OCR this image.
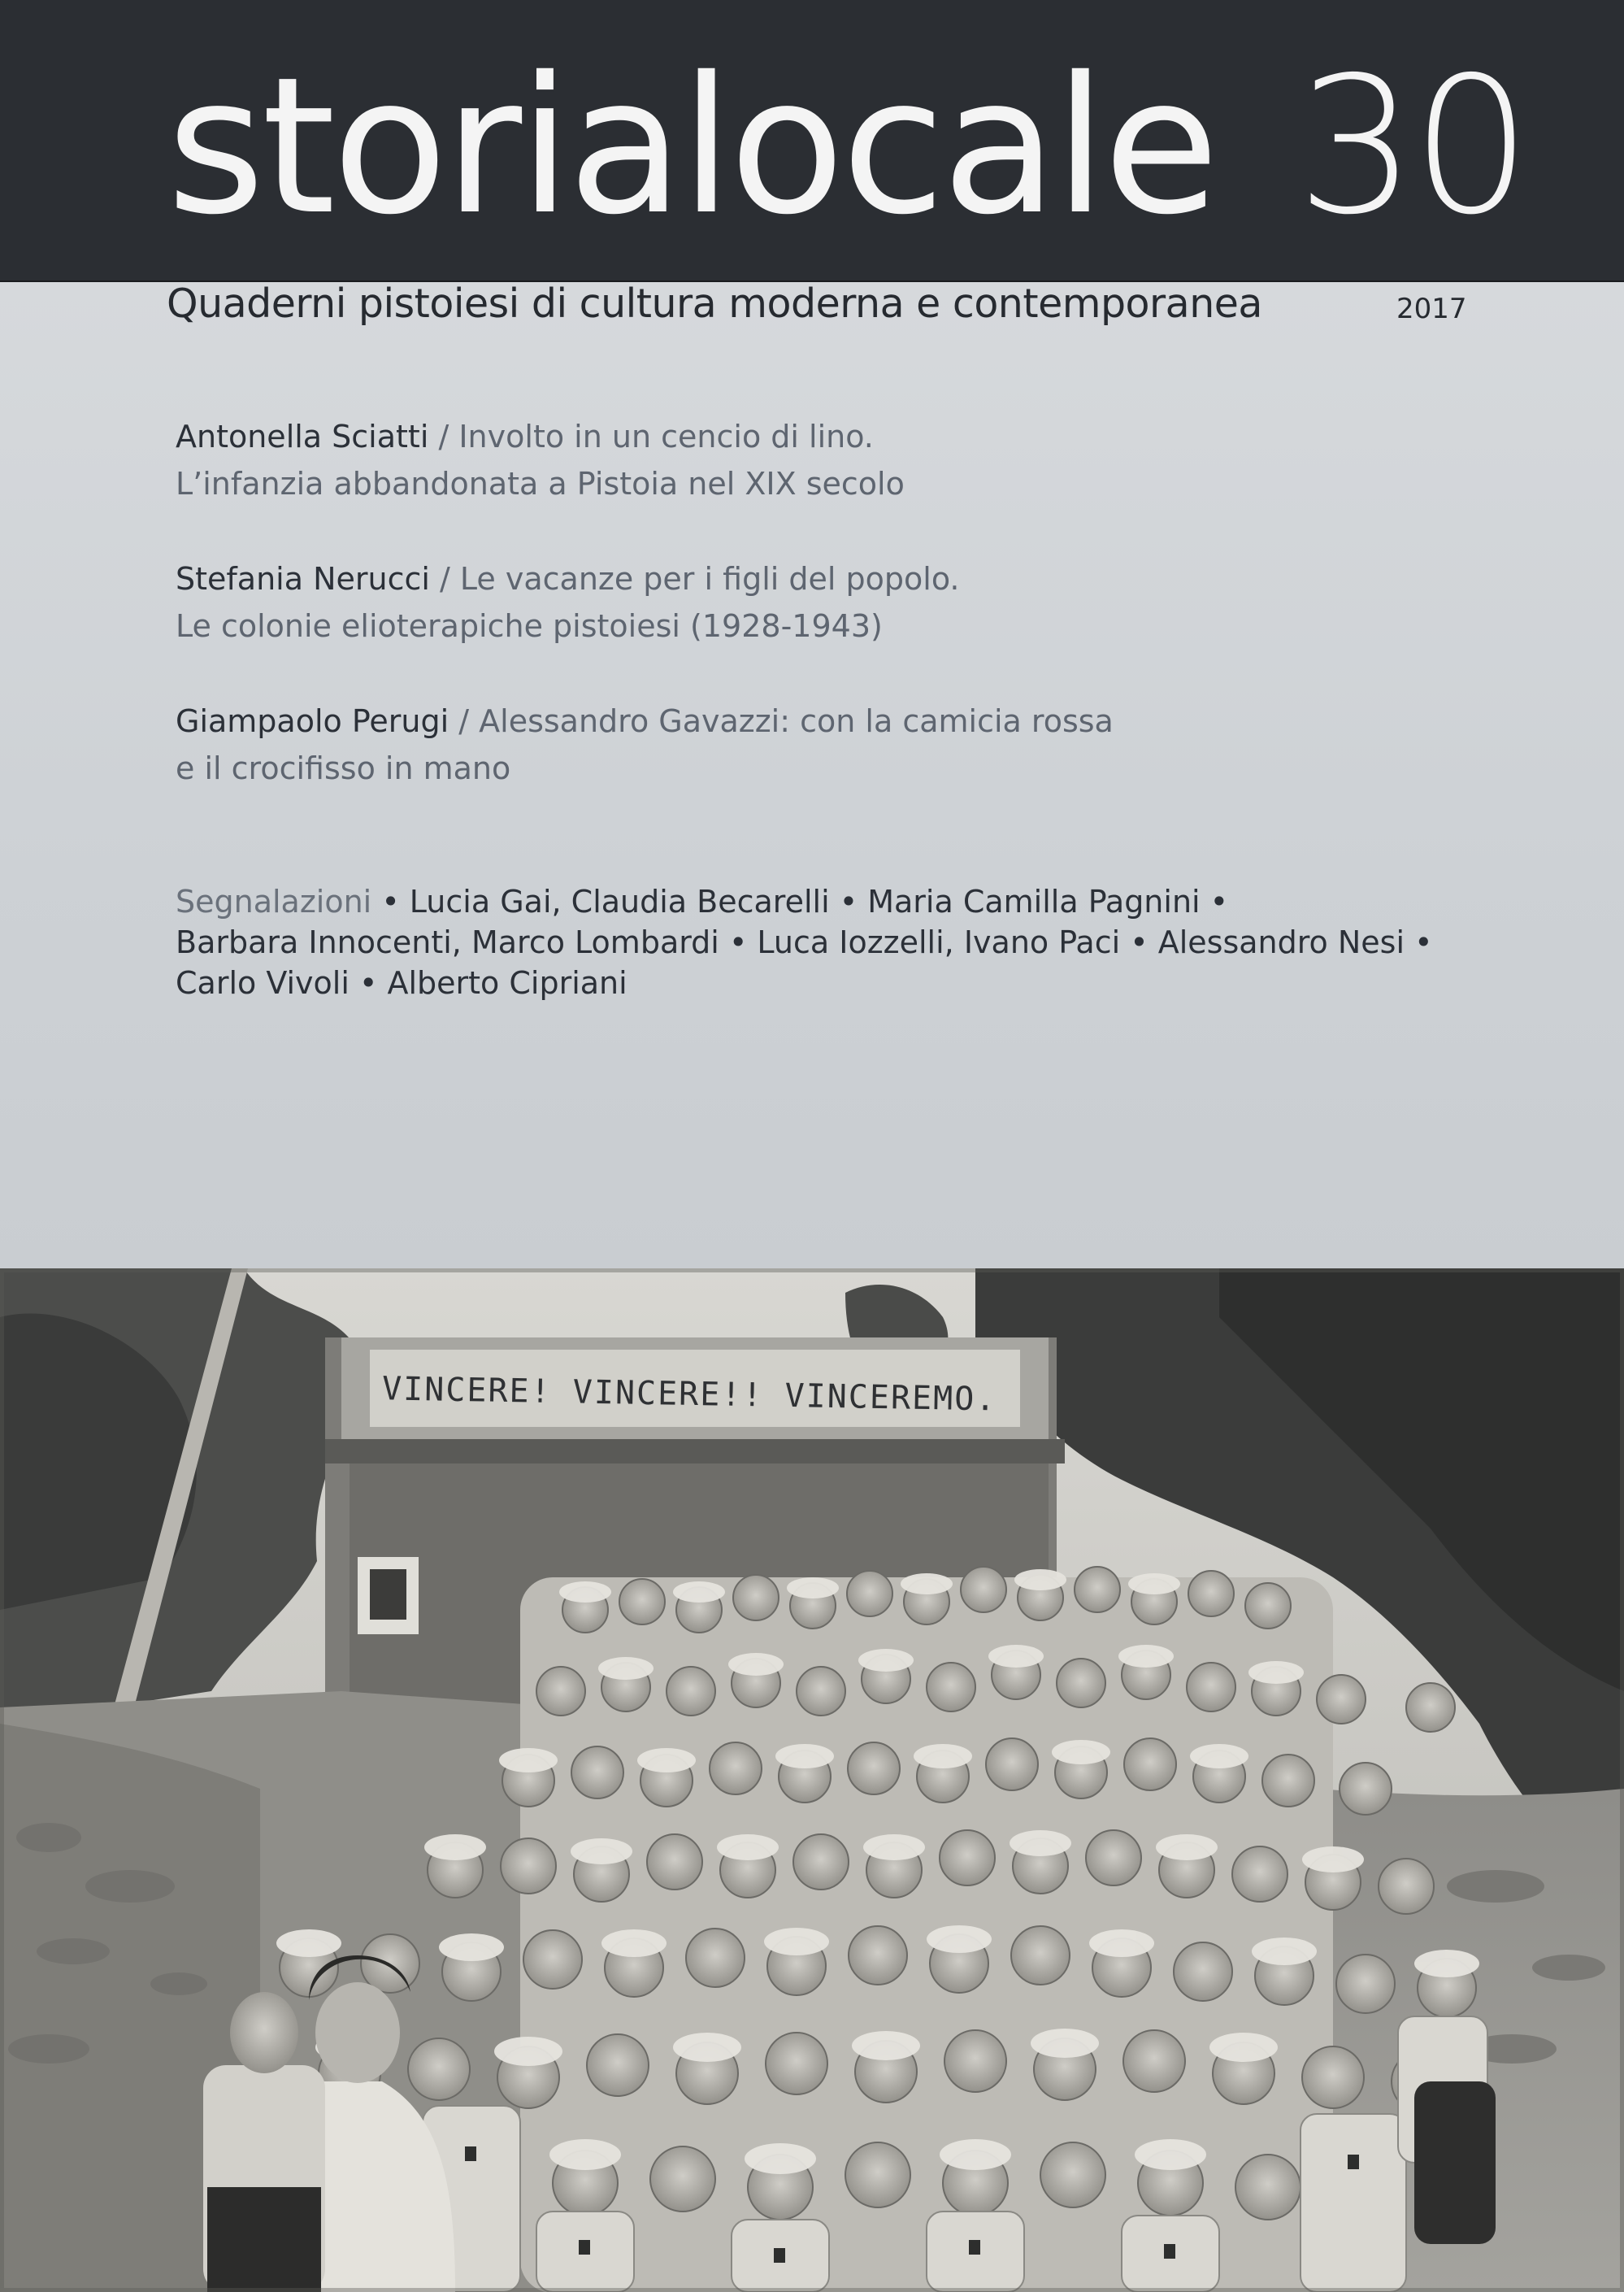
storialocale 30
Quaderni pistoiesi di cultura moderna e contemporanea	2017
Antonella Sciatti / Involto in un cencio di lino.
L’infanzia abbandonata a Pistoia nel XIX secolo
Stefania Nerucci / Le vacanze per i figli del popolo.
Le colonie elioterapiche pistoiesi (1928-1943)
Giampaolo Perugi / Alessandro Gavazzi: con la camicia rossa
e il crocifisso in mano
Segnalazioni • Lucia Gai, Claudia Becarelli • Maria Camilla Pagnini •
Barbara Innocenti, Marco Lombardi • Luca Iozzelli, Ivano Paci • Alessandro Nesi •
Carlo Vivoli • Alberto Cipriani
VINCERE! VINCERE!! VINCEREMO.
